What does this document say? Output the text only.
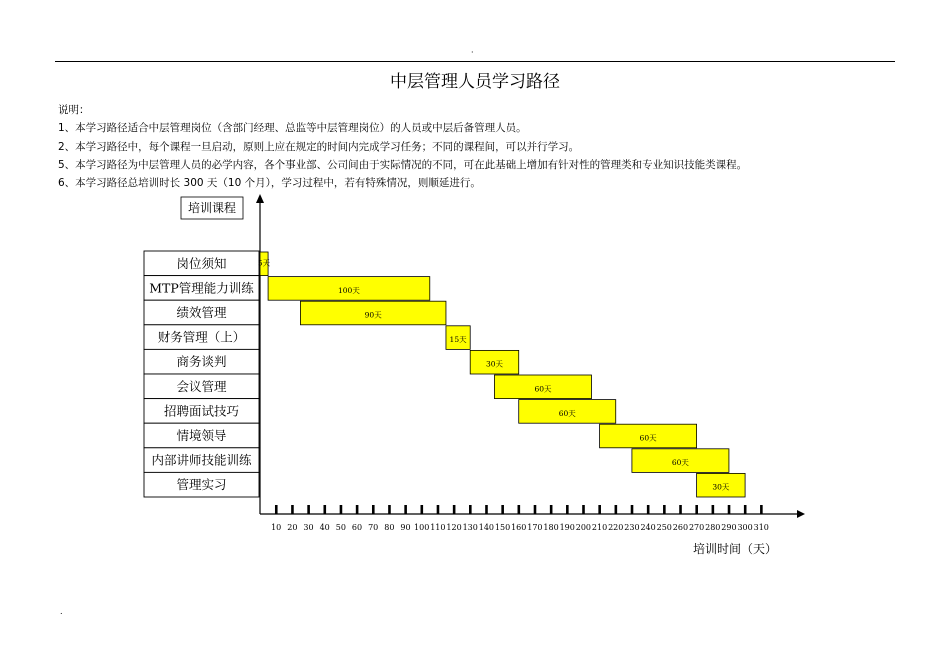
·
中层管理人员学习路径
说明：
1、本学习路径适合中层管理岗位（含部门经理、总监等中层管理岗位）的人员或中层后备管理人员。
2、本学习路径中，每个课程一旦启动，原则上应在规定的时间内完成学习任务；不同的课程间，可以并行学习。
5、本学习路径为中层管理人员的必学内容，各个事业部、公司间由于实际情况的不同，可在此基础上增加有针对性的管理类和专业知识技能类课程。
6、本学习路径总培训时长 300 天（10 个月），学习过程中，若有特殊情况，则顺延进行。
培训课程
10 20 30 40 50 60 70 80 90 100 110 120 130 140 150 160 170 180 190 200 210 220 230 240 250 260 270 280 290 300 310
培训时间（天）
岗位须知	5天
MTP管理能力训练	100天
绩效管理	90天
财务管理（上）	15天
商务谈判	30天
会议管理	60天
招聘面试技巧	60天
情境领导	60天
内部讲师技能训练	60天
管理实习	30天
.
